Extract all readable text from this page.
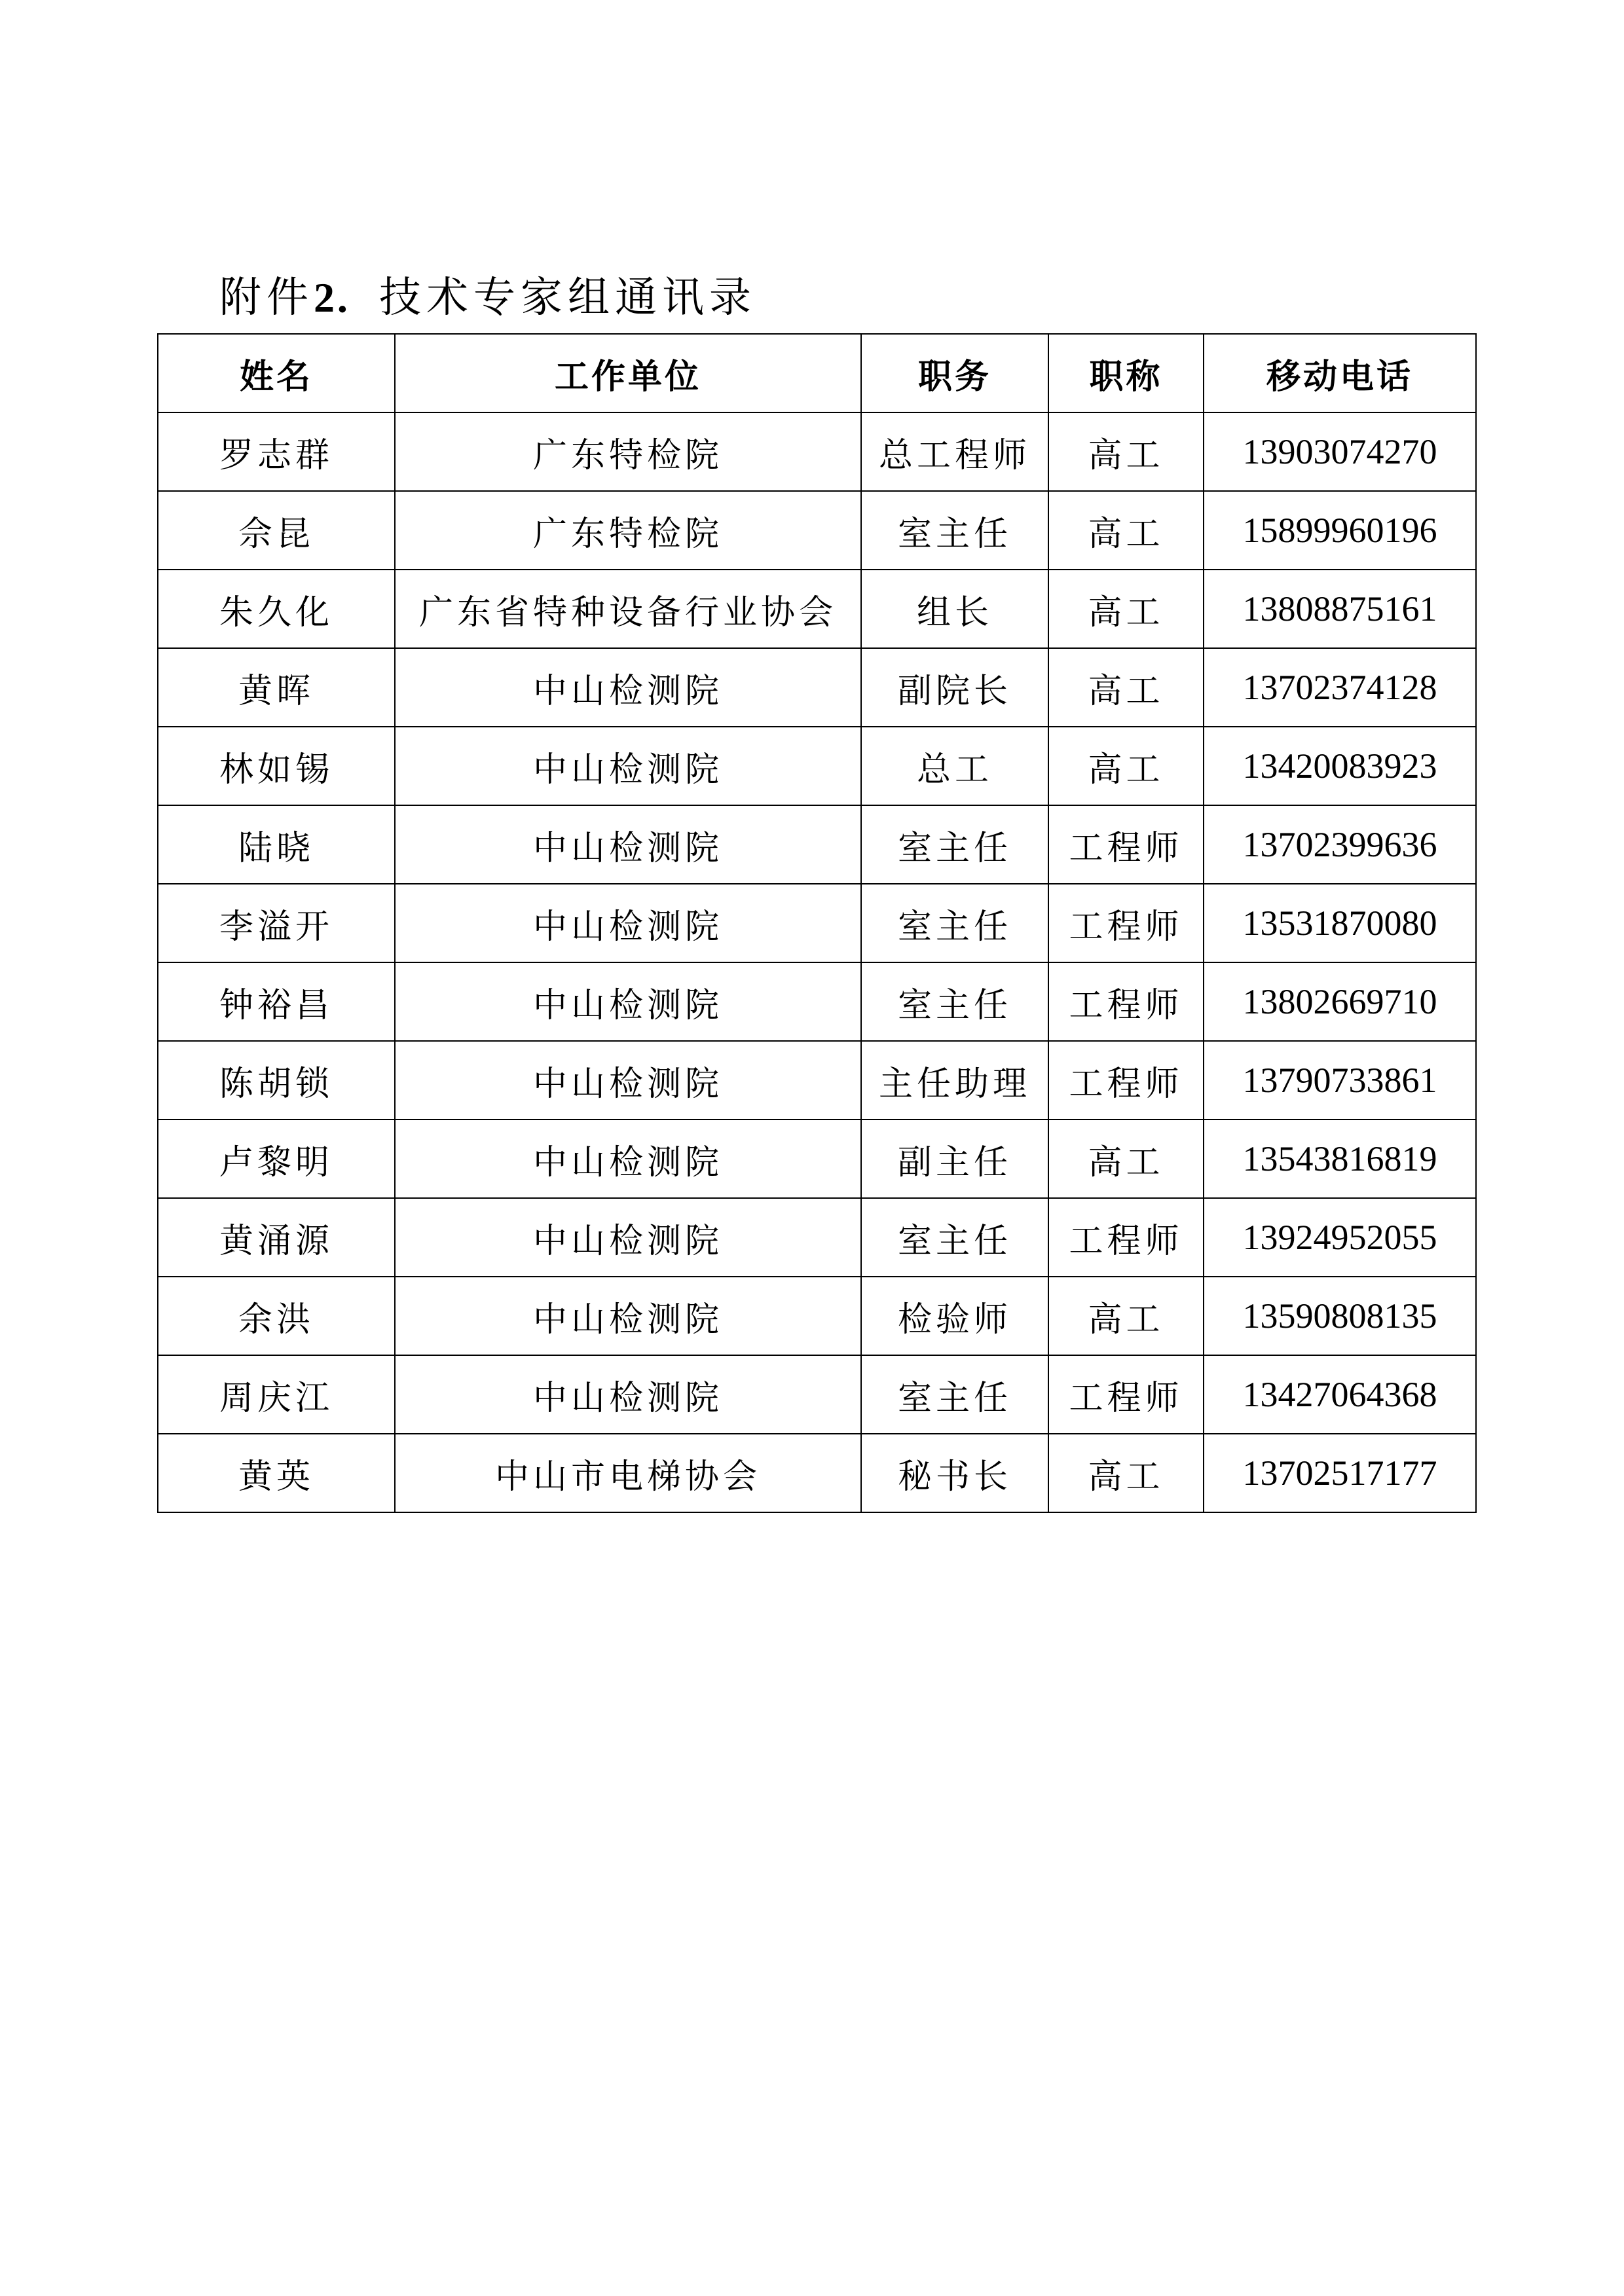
附件2．技术专家组通讯录
姓名	工作单位	职务	职称	移动电话
罗志群	广东特检院	总工程师	高工	13903074270
佘昆	广东特检院	室主任	高工	15899960196
朱久化	广东省特种设备行业协会	组长	高工	13808875161
黄晖	中山检测院	副院长	高工	13702374128
林如锡	中山检测院	总工	高工	13420083923
陆晓	中山检测院	室主任	工程师	13702399636
李溢开	中山检测院	室主任	工程师	13531870080
钟裕昌	中山检测院	室主任	工程师	13802669710
陈胡锁	中山检测院	主任助理	工程师	13790733861
卢黎明	中山检测院	副主任	高工	13543816819
黄涌源	中山检测院	室主任	工程师	13924952055
余洪	中山检测院	检验师	高工	13590808135
周庆江	中山检测院	室主任	工程师	13427064368
黄英	中山市电梯协会	秘书长	高工	13702517177
